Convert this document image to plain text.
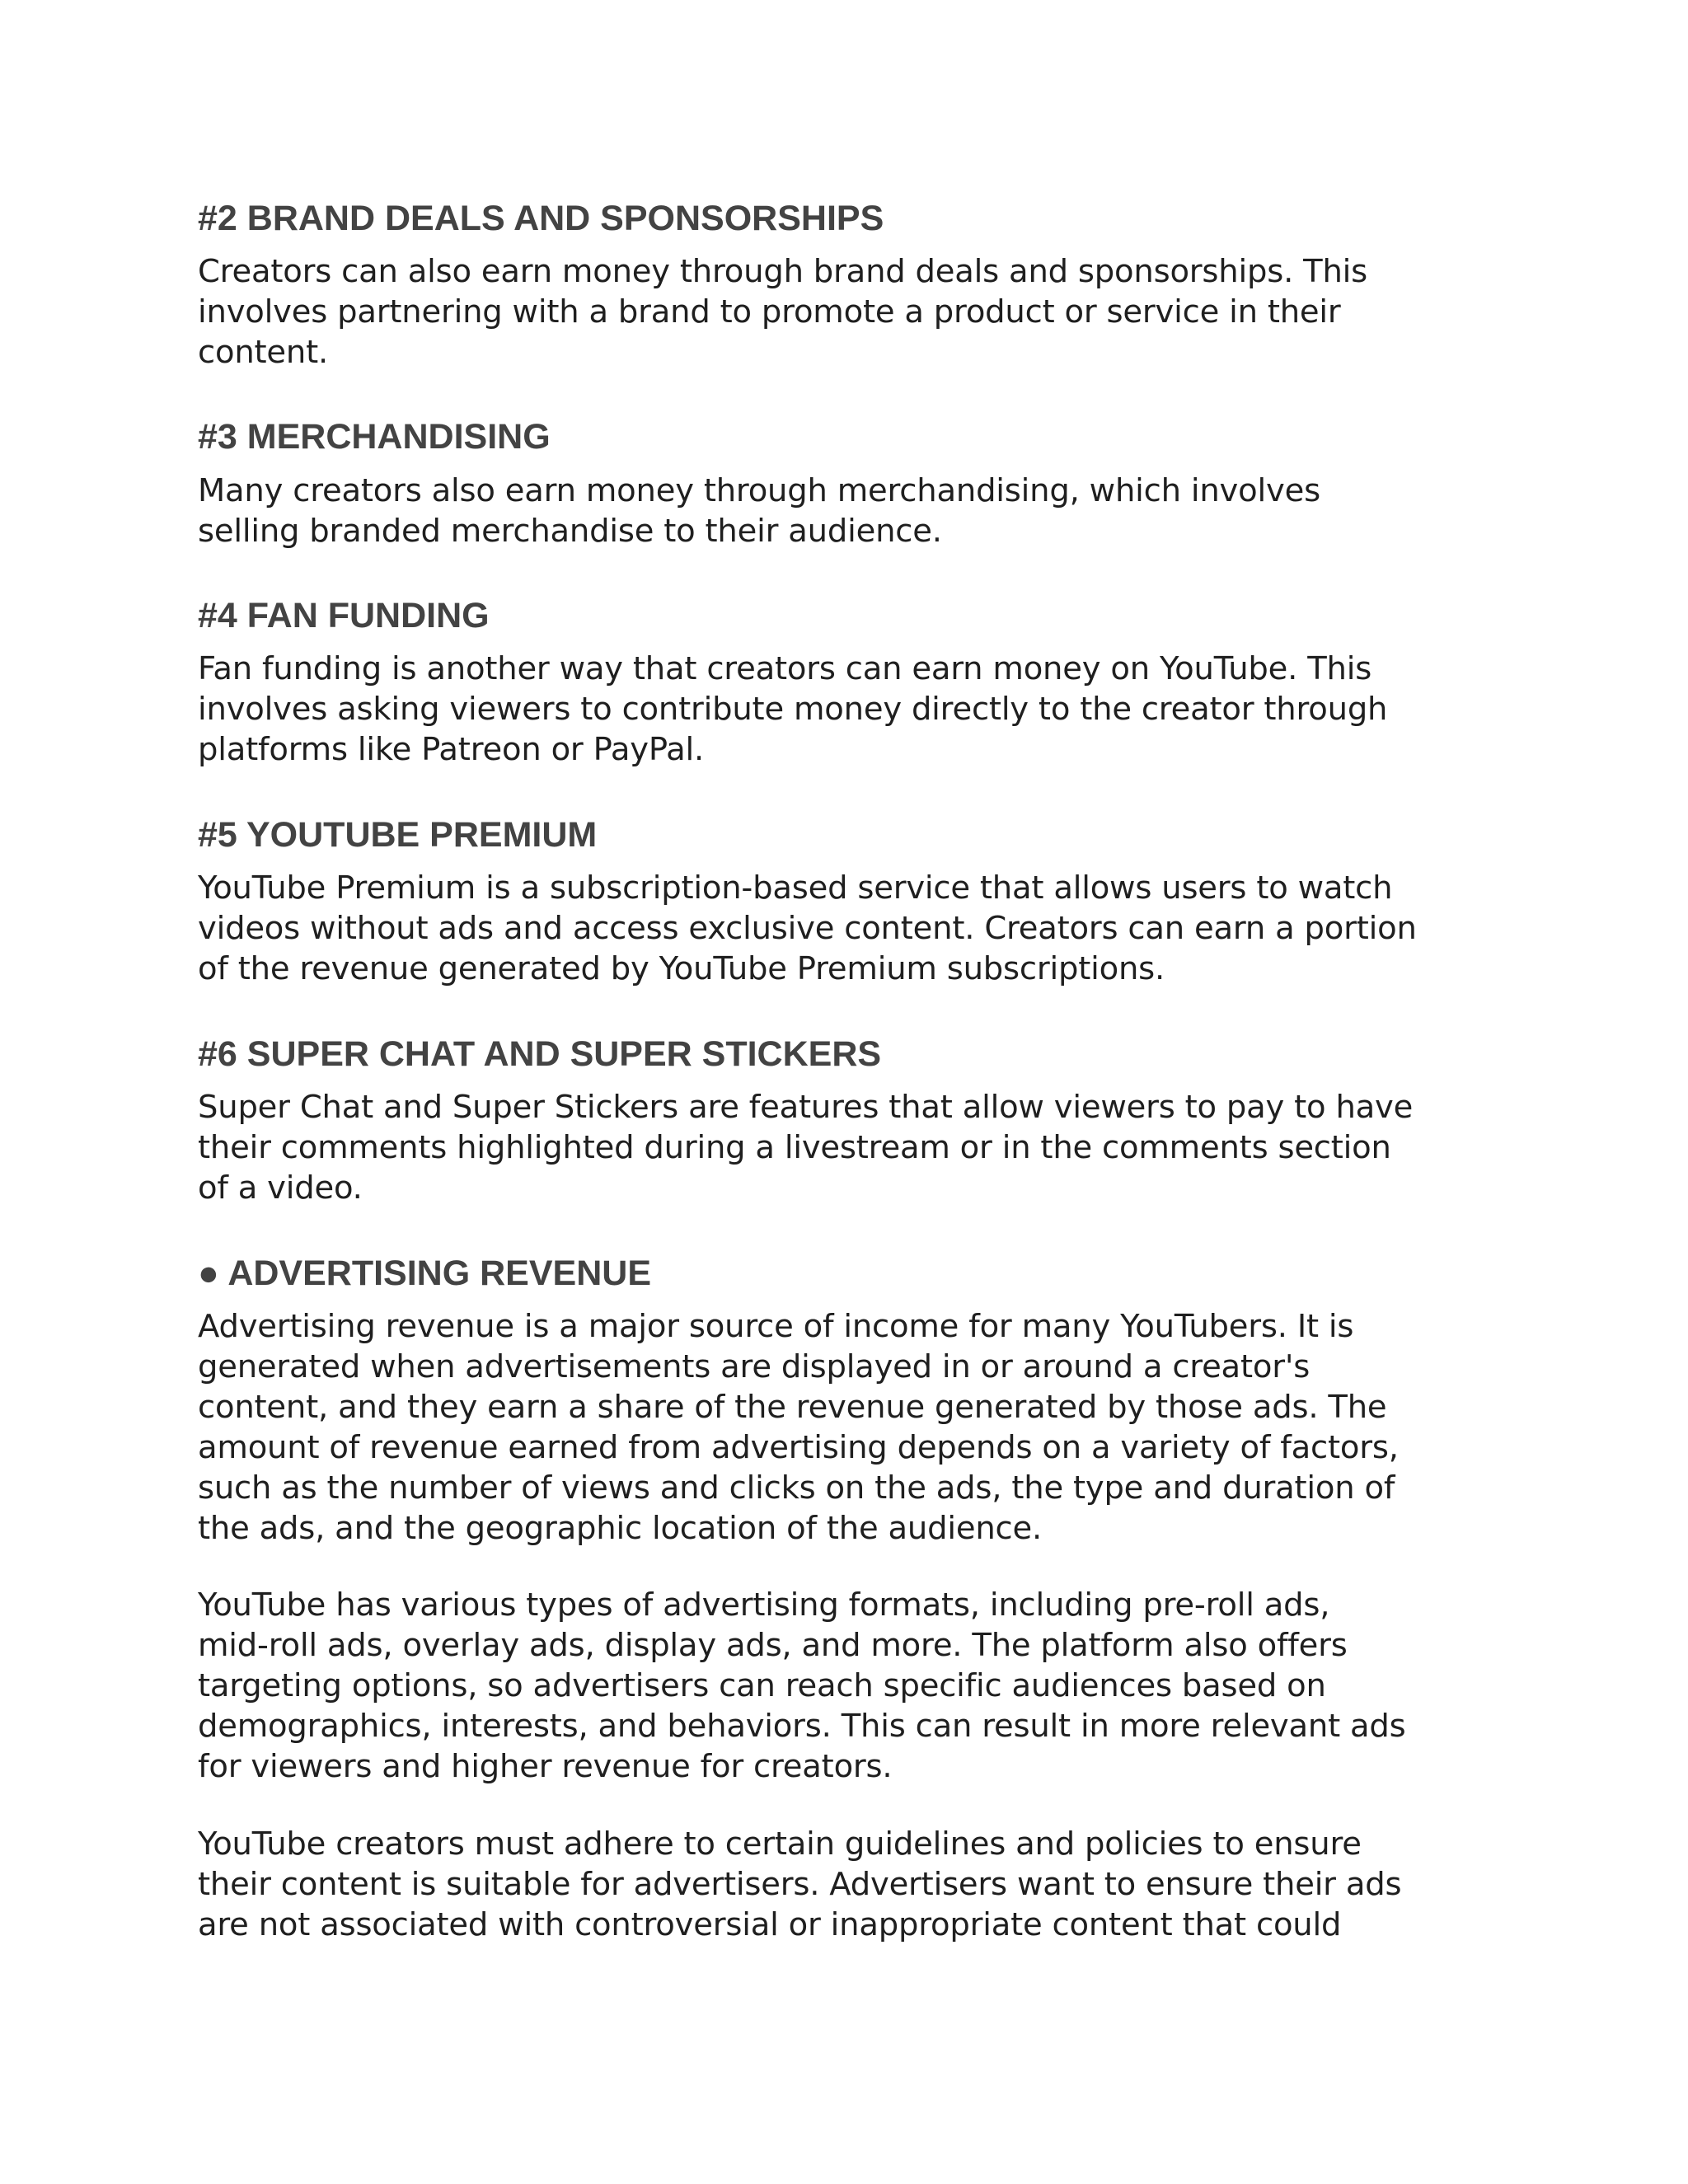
#2 BRAND DEALS AND SPONSORSHIPS

Creators can also earn money through brand deals and sponsorships. This
involves partnering with a brand to promote a product or service in their
content.

#3 MERCHANDISING

Many creators also earn money through merchandising, which involves
selling branded merchandise to their audience.

#4 FAN FUNDING

Fan funding is another way that creators can earn money on YouTube. This
involves asking viewers to contribute money directly to the creator through
platforms like Patreon or PayPal.

#5 YOUTUBE PREMIUM

YouTube Premium is a subscription-based service that allows users to watch
videos without ads and access exclusive content. Creators can earn a portion
of the revenue generated by YouTube Premium subscriptions.

#6 SUPER CHAT AND SUPER STICKERS

Super Chat and Super Stickers are features that allow viewers to pay to have
their comments highlighted during a livestream or in the comments section
of a video.

● ADVERTISING REVENUE

Advertising revenue is a major source of income for many YouTubers. It is
generated when advertisements are displayed in or around a creator's
content, and they earn a share of the revenue generated by those ads. The
amount of revenue earned from advertising depends on a variety of factors,
such as the number of views and clicks on the ads, the type and duration of
the ads, and the geographic location of the audience.

YouTube has various types of advertising formats, including pre-roll ads,
mid-roll ads, overlay ads, display ads, and more. The platform also offers
targeting options, so advertisers can reach specific audiences based on
demographics, interests, and behaviors. This can result in more relevant ads
for viewers and higher revenue for creators.

YouTube creators must adhere to certain guidelines and policies to ensure
their content is suitable for advertisers. Advertisers want to ensure their ads
are not associated with controversial or inappropriate content that could
